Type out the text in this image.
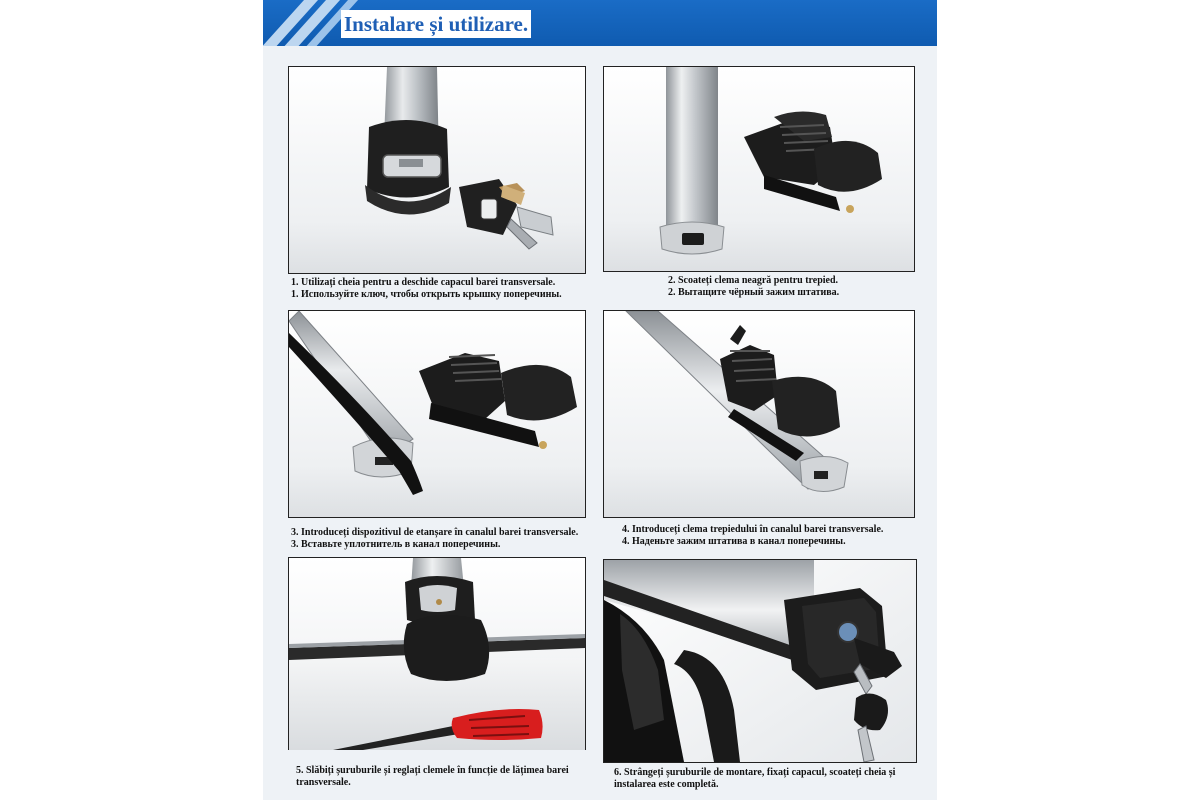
Instalare și utilizare.
1. Utilizați cheia pentru a deschide capacul barei transversale.
1. Используйте ключ, чтобы открыть крышку поперечины.
2. Scoateți clema neagră pentru trepied.
2. Вытащите чёрный зажим штатива.
3. Introduceți dispozitivul de etanșare în canalul barei transversale.
3. Вставьте уплотнитель в канал поперечины.
4. Introduceți clema trepiedului în canalul barei transversale.
4. Наденьте зажим штатива в канал поперечины.
5. Slăbiți șuruburile și reglați clemele în funcție de lățimea barei transversale.
6. Strângeți șuruburile de montare, fixați capacul, scoateți cheia și instalarea este completă.
